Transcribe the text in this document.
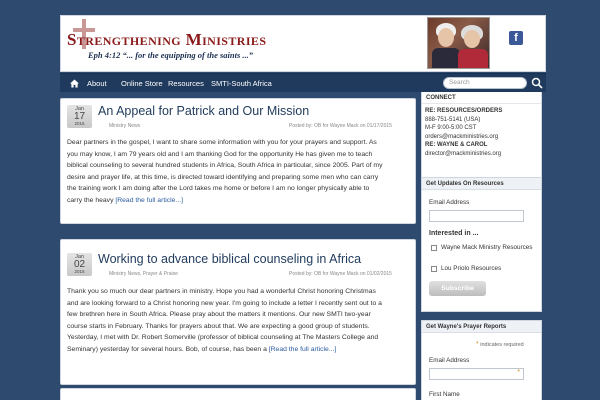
Strengthening Ministries
Eph 4:12 “... for the equipping of the saints ...”
f
About Online Store Resources SMTI-South Africa	Search
Jan
17
2015
An Appeal for Patrick and Our Mission
Ministry News	Posted by: OB for Wayne Mack on 01/17/2015
Dear partners in the gospel, I want to share some information with you for your prayers and support. As
you may know, I am 79 years old and I am thanking God for the opportunity He has given me to teach
biblical counseling to several hundred students in Africa, South Africa in particular, since 2005. Part of my
desire and prayer life, at this time, is directed toward identifying and preparing some men who can carry
the training work I am doing after the Lord takes me home or before I am no longer physically able to
carry the heavy [Read the full article...]
Jan
02
2015
Working to advance biblical counseling in Africa
Ministry News, Prayer & Praise	Posted by: OB for Wayne Mack on 01/02/2015
Thank you so much our dear partners in ministry. Hope you had a wonderful Christ honoring Christmas
and are looking forward to a Christ honoring new year. I'm going to include a letter I recently sent out to a
few brethren here in South Africa. Please pray about the matters it mentions. Our new SMTI two-year
course starts in February. Thanks for prayers about that. We are expecting a good group of students.
Yesterday, I met with Dr. Robert Somerville (professor of biblical counseling at The Masters College and
Seminary) yesterday for several hours. Bob, of course, has been a [Read the full article...]
CONNECT
RE: RESOURCES/ORDERS
888-751-5141 (USA)
M-F 9:00-5:00 CST
orders@mackministries.org
RE: WAYNE & CAROL
director@mackministries.org
Get Updates On Resources
Email Address
Interested in ...
Wayne Mack Ministry Resources
Lou Priolo Resources
Subscribe
Get Wayne's Prayer Reports
* indicates required
Email Address
*
First Name
